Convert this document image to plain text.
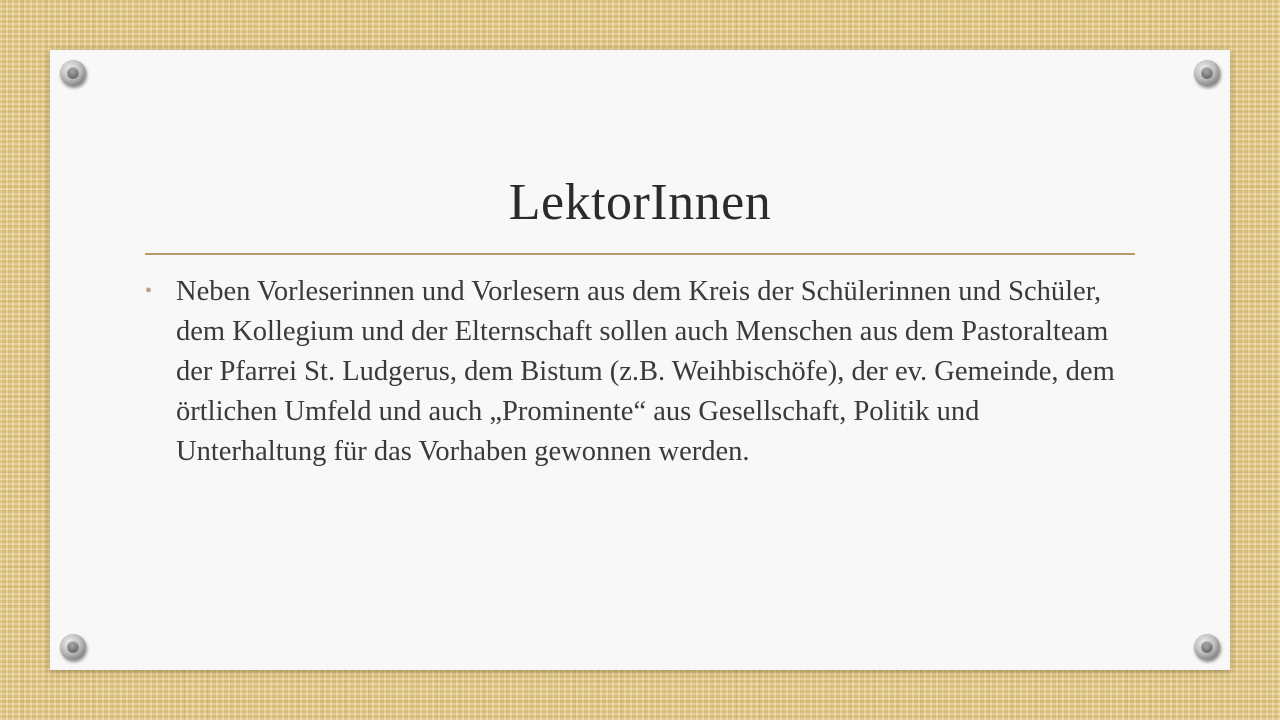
LektorInnen
• Neben Vorleserinnen und Vorlesern aus dem Kreis der Schülerinnen und Schüler, dem Kollegium und der Elternschaft sollen auch Menschen aus dem Pastoralteam der Pfarrei St. Ludgerus, dem Bistum (z.B. Weihbischöfe), der ev. Gemeinde, dem örtlichen Umfeld und auch „Prominente“ aus Gesellschaft, Politik und Unterhaltung für das Vorhaben gewonnen werden.
